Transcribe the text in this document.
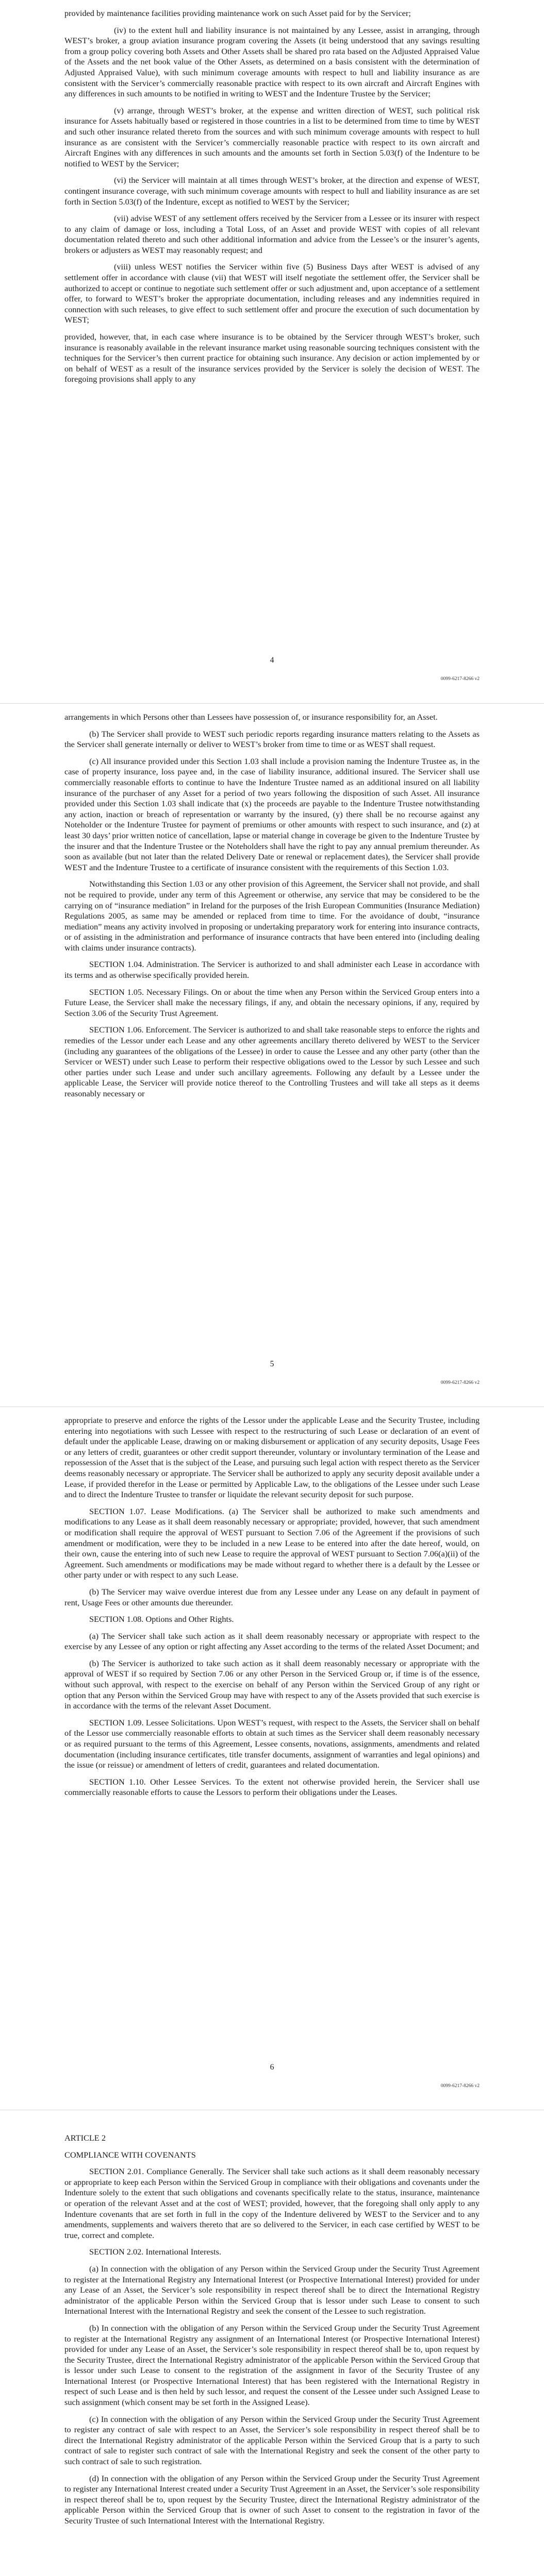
provided by maintenance facilities providing maintenance work on such Asset paid for by the Servicer;

(iv) to the extent hull and liability insurance is not maintained by any Lessee, assist in arranging, through WEST’s broker, a group aviation insurance program covering the Assets (it being understood that any savings resulting from a group policy covering both Assets and Other Assets shall be shared pro rata based on the Adjusted Appraised Value of the Assets and the net book value of the Other Assets, as determined on a basis consistent with the determination of Adjusted Appraised Value), with such minimum coverage amounts with respect to hull and liability insurance as are consistent with the Servicer’s commercially reasonable practice with respect to its own aircraft and Aircraft Engines with any differences in such amounts to be notified in writing to WEST and the Indenture Trustee by the Servicer;

(v) arrange, through WEST’s broker, at the expense and written direction of WEST, such political risk insurance for Assets habitually based or registered in those countries in a list to be determined from time to time by WEST and such other insurance related thereto from the sources and with such minimum coverage amounts with respect to hull insurance as are consistent with the Servicer’s commercially reasonable practice with respect to its own aircraft and Aircraft Engines with any differences in such amounts and the amounts set forth in Section 5.03(f) of the Indenture to be notified to WEST by the Servicer;

(vi) the Servicer will maintain at all times through WEST’s broker, at the direction and expense of WEST, contingent insurance coverage, with such minimum coverage amounts with respect to hull and liability insurance as are set forth in Section 5.03(f) of the Indenture, except as notified to WEST by the Servicer;

(vii) advise WEST of any settlement offers received by the Servicer from a Lessee or its insurer with respect to any claim of damage or loss, including a Total Loss, of an Asset and provide WEST with copies of all relevant documentation related thereto and such other additional information and advice from the Lessee’s or the insurer’s agents, brokers or adjusters as WEST may reasonably request; and

(viii) unless WEST notifies the Servicer within five (5) Business Days after WEST is advised of any settlement offer in accordance with clause (vii) that WEST will itself negotiate the settlement offer, the Servicer shall be authorized to accept or continue to negotiate such settlement offer or such adjustment and, upon acceptance of a settlement offer, to forward to WEST’s broker the appropriate documentation, including releases and any indemnities required in connection with such releases, to give effect to such settlement offer and procure the execution of such documentation by WEST;

provided, however, that, in each case where insurance is to be obtained by the Servicer through WEST’s broker, such insurance is reasonably available in the relevant insurance market using reasonable sourcing techniques consistent with the techniques for the Servicer’s then current practice for obtaining such insurance. Any decision or action implemented by or on behalf of WEST as a result of the insurance services provided by the Servicer is solely the decision of WEST. The foregoing provisions shall apply to any

4
0099-6217-8266 v2

arrangements in which Persons other than Lessees have possession of, or insurance responsibility for, an Asset.

(b) The Servicer shall provide to WEST such periodic reports regarding insurance matters relating to the Assets as the Servicer shall generate internally or deliver to WEST’s broker from time to time or as WEST shall request.

(c) All insurance provided under this Section 1.03 shall include a provision naming the Indenture Trustee as, in the case of property insurance, loss payee and, in the case of liability insurance, additional insured. The Servicer shall use commercially reasonable efforts to continue to have the Indenture Trustee named as an additional insured on all liability insurance of the purchaser of any Asset for a period of two years following the disposition of such Asset. All insurance provided under this Section 1.03 shall indicate that (x) the proceeds are payable to the Indenture Trustee notwithstanding any action, inaction or breach of representation or warranty by the insured, (y) there shall be no recourse against any Noteholder or the Indenture Trustee for payment of premiums or other amounts with respect to such insurance, and (z) at least 30 days’ prior written notice of cancellation, lapse or material change in coverage be given to the Indenture Trustee by the insurer and that the Indenture Trustee or the Noteholders shall have the right to pay any annual premium thereunder. As soon as available (but not later than the related Delivery Date or renewal or replacement dates), the Servicer shall provide WEST and the Indenture Trustee to a certificate of insurance consistent with the requirements of this Section 1.03.

Notwithstanding this Section 1.03 or any other provision of this Agreement, the Servicer shall not provide, and shall not be required to provide, under any term of this Agreement or otherwise, any service that may be considered to be the carrying on of “insurance mediation” in Ireland for the purposes of the Irish European Communities (Insurance Mediation) Regulations 2005, as same may be amended or replaced from time to time. For the avoidance of doubt, “insurance mediation” means any activity involved in proposing or undertaking preparatory work for entering into insurance contracts, or of assisting in the administration and performance of insurance contracts that have been entered into (including dealing with claims under insurance contracts).

SECTION 1.04. Administration. The Servicer is authorized to and shall administer each Lease in accordance with its terms and as otherwise specifically provided herein.

SECTION 1.05. Necessary Filings. On or about the time when any Person within the Serviced Group enters into a Future Lease, the Servicer shall make the necessary filings, if any, and obtain the necessary opinions, if any, required by Section 3.06 of the Security Trust Agreement.

SECTION 1.06. Enforcement. The Servicer is authorized to and shall take reasonable steps to enforce the rights and remedies of the Lessor under each Lease and any other agreements ancillary thereto delivered by WEST to the Servicer (including any guarantees of the obligations of the Lessee) in order to cause the Lessee and any other party (other than the Servicer or WEST) under such Lease to perform their respective obligations owed to the Lessor by such Lessee and such other parties under such Lease and under such ancillary agreements. Following any default by a Lessee under the applicable Lease, the Servicer will provide notice thereof to the Controlling Trustees and will take all steps as it deems reasonably necessary or

5
0099-6217-8266 v2

appropriate to preserve and enforce the rights of the Lessor under the applicable Lease and the Security Trustee, including entering into negotiations with such Lessee with respect to the restructuring of such Lease or declaration of an event of default under the applicable Lease, drawing on or making disbursement or application of any security deposits, Usage Fees or any letters of credit, guarantees or other credit support thereunder, voluntary or involuntary termination of the Lease and repossession of the Asset that is the subject of the Lease, and pursuing such legal action with respect thereto as the Servicer deems reasonably necessary or appropriate. The Servicer shall be authorized to apply any security deposit available under a Lease, if provided therefor in the Lease or permitted by Applicable Law, to the obligations of the Lessee under such Lease and to direct the Indenture Trustee to transfer or liquidate the relevant security deposit for such purpose.

SECTION 1.07. Lease Modifications. (a) The Servicer shall be authorized to make such amendments and modifications to any Lease as it shall deem reasonably necessary or appropriate; provided, however, that such amendment or modification shall require the approval of WEST pursuant to Section 7.06 of the Agreement if the provisions of such amendment or modification, were they to be included in a new Lease to be entered into after the date hereof, would, on their own, cause the entering into of such new Lease to require the approval of WEST pursuant to Section 7.06(a)(ii) of the Agreement. Such amendments or modifications may be made without regard to whether there is a default by the Lessee or other party under or with respect to any such Lease.

(b) The Servicer may waive overdue interest due from any Lessee under any Lease on any default in payment of rent, Usage Fees or other amounts due thereunder.

SECTION 1.08. Options and Other Rights.

(a) The Servicer shall take such action as it shall deem reasonably necessary or appropriate with respect to the exercise by any Lessee of any option or right affecting any Asset according to the terms of the related Asset Document; and

(b) The Servicer is authorized to take such action as it shall deem reasonably necessary or appropriate with the approval of WEST if so required by Section 7.06 or any other Person in the Serviced Group or, if time is of the essence, without such approval, with respect to the exercise on behalf of any Person within the Serviced Group of any right or option that any Person within the Serviced Group may have with respect to any of the Assets provided that such exercise is in accordance with the terms of the relevant Asset Document.

SECTION 1.09. Lessee Solicitations. Upon WEST’s request, with respect to the Assets, the Servicer shall on behalf of the Lessor use commercially reasonable efforts to obtain at such times as the Servicer shall deem reasonably necessary or as required pursuant to the terms of this Agreement, Lessee consents, novations, assignments, amendments and related documentation (including insurance certificates, title transfer documents, assignment of warranties and legal opinions) and the issue (or reissue) or amendment of letters of credit, guarantees and related documentation.

SECTION 1.10. Other Lessee Services. To the extent not otherwise provided herein, the Servicer shall use commercially reasonable efforts to cause the Lessors to perform their obligations under the Leases.

6
0099-6217-8266 v2

ARTICLE 2

COMPLIANCE WITH COVENANTS

SECTION 2.01. Compliance Generally. The Servicer shall take such actions as it shall deem reasonably necessary or appropriate to keep each Person within the Serviced Group in compliance with their obligations and covenants under the Indenture solely to the extent that such obligations and covenants specifically relate to the status, insurance, maintenance or operation of the relevant Asset and at the cost of WEST; provided, however, that the foregoing shall only apply to any Indenture covenants that are set forth in full in the copy of the Indenture delivered by WEST to the Servicer and to any amendments, supplements and waivers thereto that are so delivered to the Servicer, in each case certified by WEST to be true, correct and complete.

SECTION 2.02. International Interests.

(a) In connection with the obligation of any Person within the Serviced Group under the Security Trust Agreement to register at the International Registry any International Interest (or Prospective International Interest) provided for under any Lease of an Asset, the Servicer’s sole responsibility in respect thereof shall be to direct the International Registry administrator of the applicable Person within the Serviced Group that is lessor under such Lease to consent to such International Interest with the International Registry and seek the consent of the Lessee to such registration.

(b) In connection with the obligation of any Person within the Serviced Group under the Security Trust Agreement to register at the International Registry any assignment of an International Interest (or Prospective International Interest) provided for under any Lease of an Asset, the Servicer’s sole responsibility in respect thereof shall be to, upon request by the Security Trustee, direct the International Registry administrator of the applicable Person within the Serviced Group that is lessor under such Lease to consent to the registration of the assignment in favor of the Security Trustee of any International Interest (or Prospective International Interest) that has been registered with the International Registry in respect of such Lease and is then held by such lessor, and request the consent of the Lessee under such Assigned Lease to such assignment (which consent may be set forth in the Assigned Lease).

(c) In connection with the obligation of any Person within the Serviced Group under the Security Trust Agreement to register any contract of sale with respect to an Asset, the Servicer’s sole responsibility in respect thereof shall be to direct the International Registry administrator of the applicable Person within the Serviced Group that is a party to such contract of sale to register such contract of sale with the International Registry and seek the consent of the other party to such contract of sale to such registration.

(d) In connection with the obligation of any Person within the Serviced Group under the Security Trust Agreement to register any International Interest created under a Security Trust Agreement in an Asset, the Servicer’s sole responsibility in respect thereof shall be to, upon request by the Security Trustee, direct the International Registry administrator of the applicable Person within the Serviced Group that is owner of such Asset to consent to the registration in favor of the Security Trustee of such International Interest with the International Registry.
